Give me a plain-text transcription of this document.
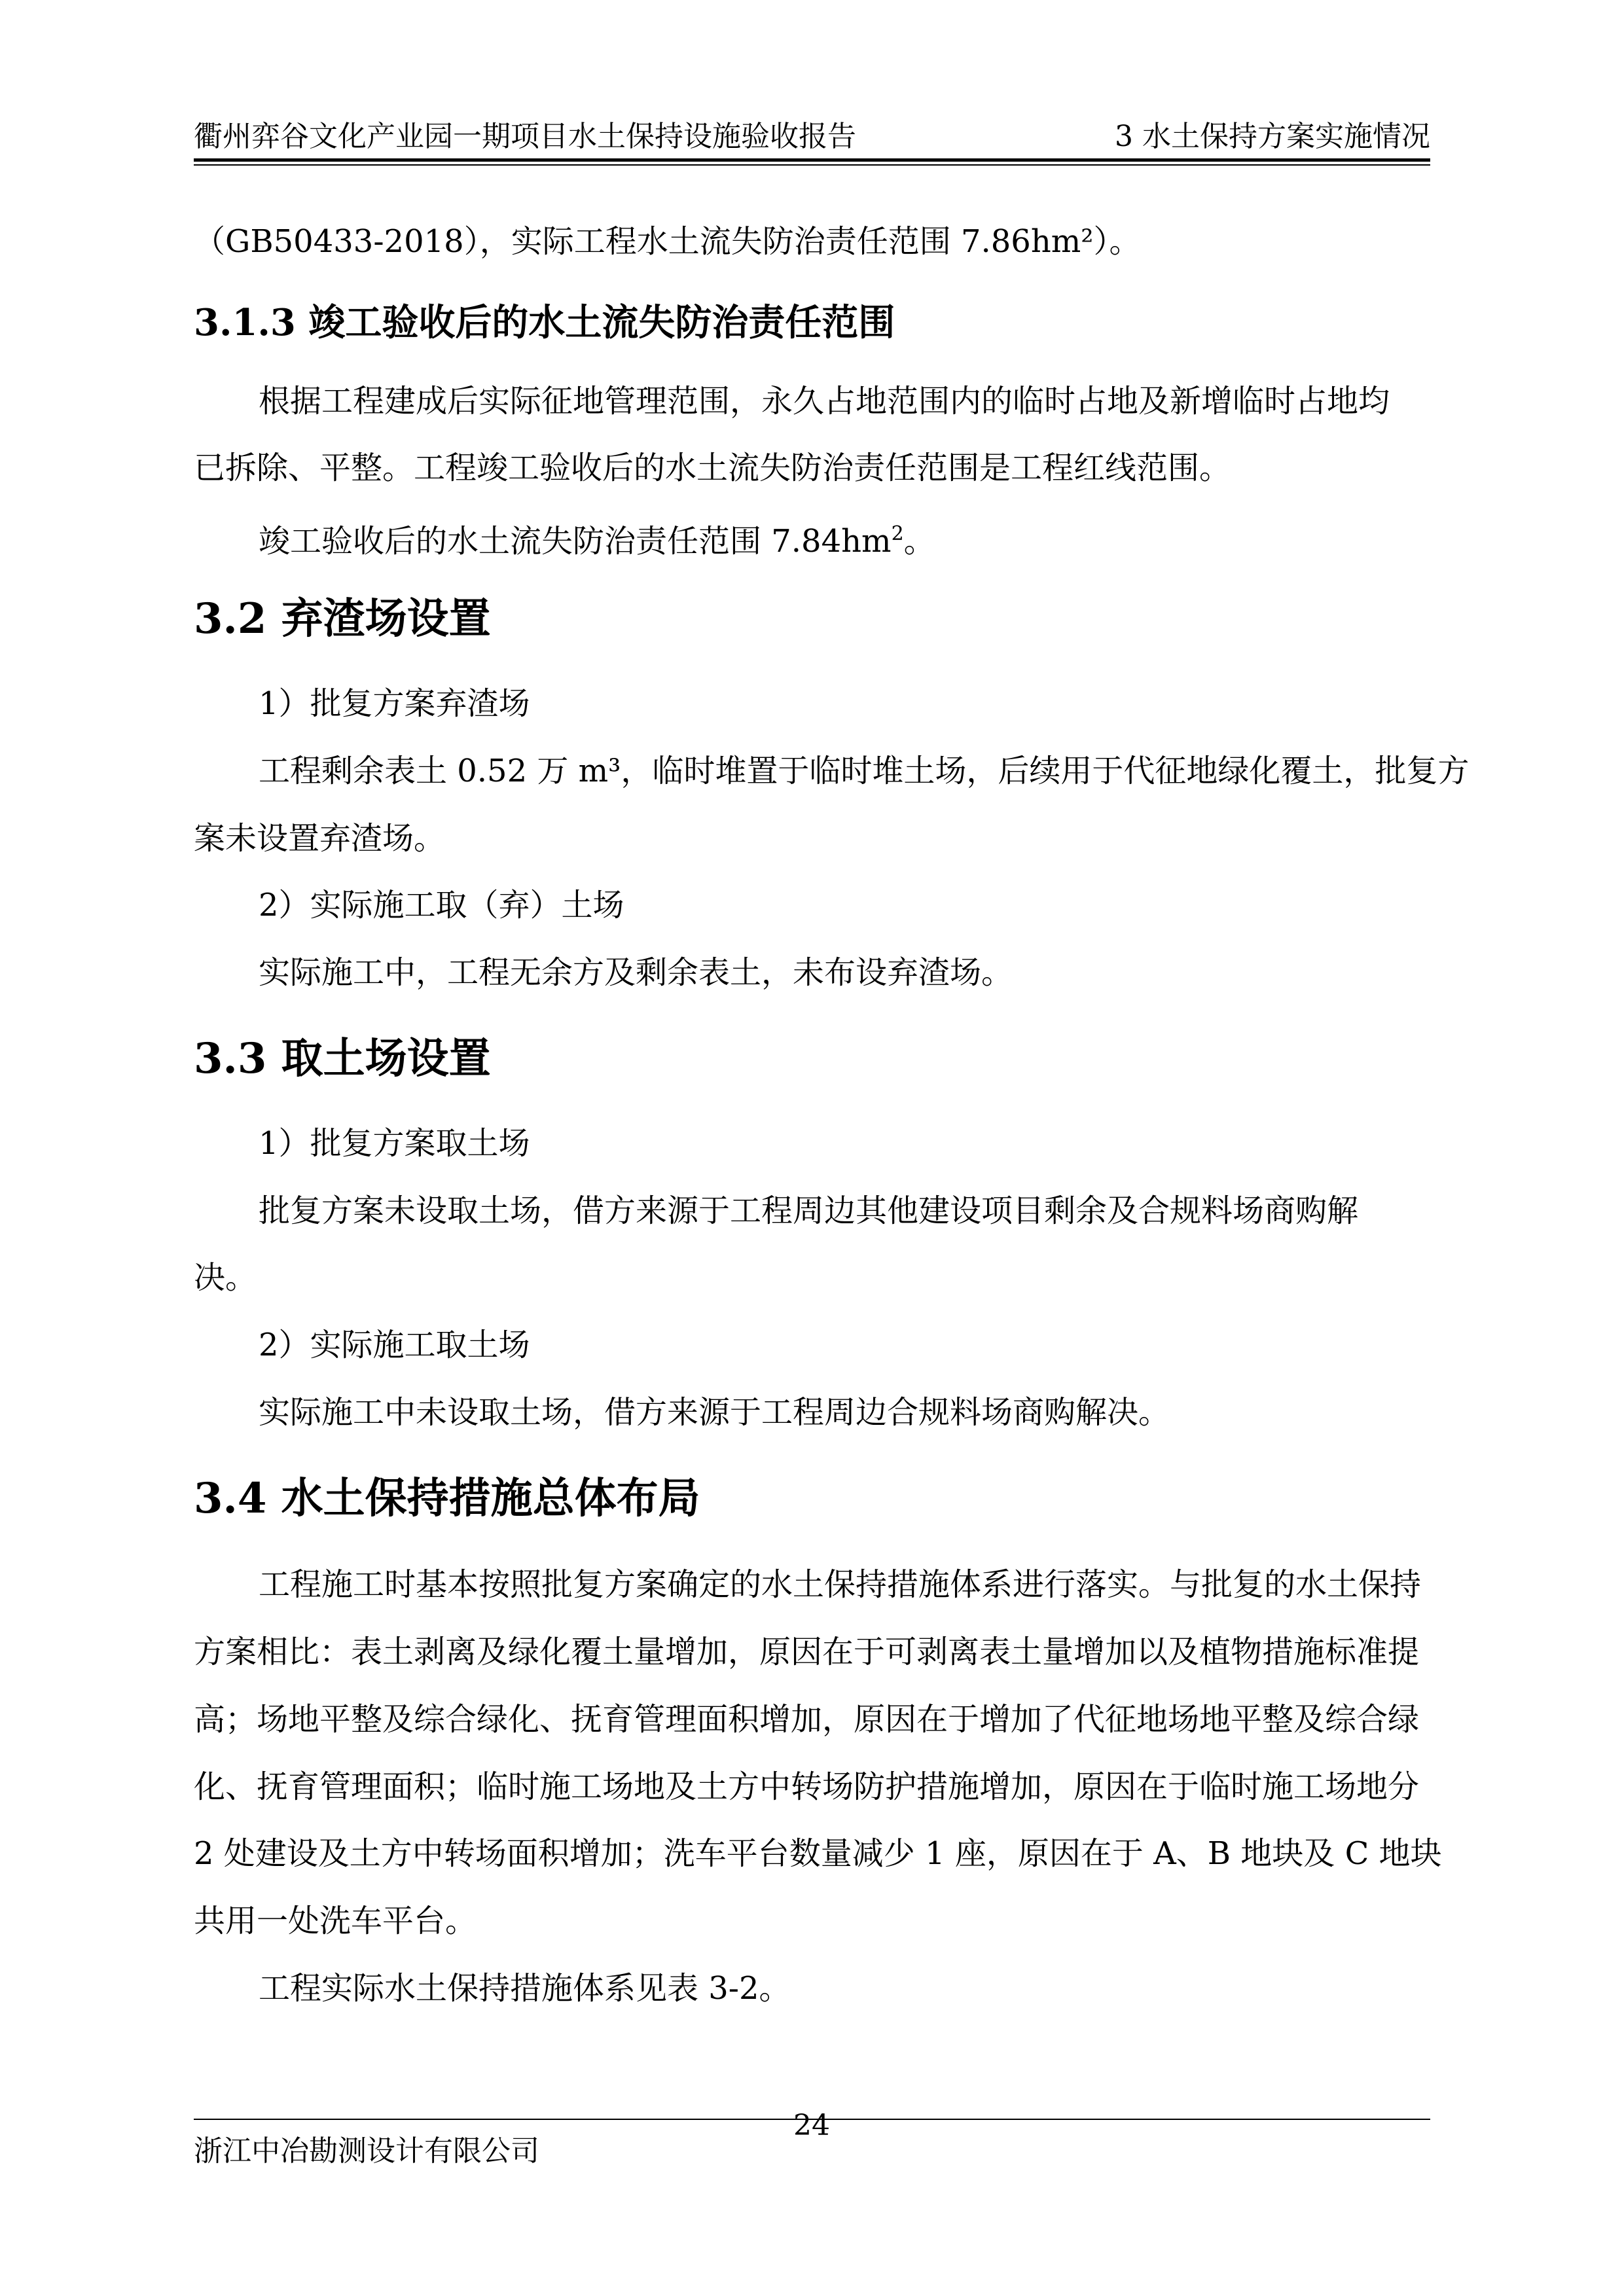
衢州弈谷文化产业园一期项目水土保持设施验收报告	3 水土保持方案实施情况
（GB50433-2018），实际工程水土流失防治责任范围 7.86hm²）。
3.1.3 竣工验收后的水土流失防治责任范围
根据工程建成后实际征地管理范围，永久占地范围内的临时占地及新增临时占地均
已拆除、平整。工程竣工验收后的水土流失防治责任范围是工程红线范围。
竣工验收后的水土流失防治责任范围 $7.84hm^2$。
3.2 弃渣场设置
1）批复方案弃渣场
工程剩余表土 0.52 万 m³，临时堆置于临时堆土场，后续用于代征地绿化覆土，批复方
案未设置弃渣场。
2）实际施工取（弃）土场
实际施工中，工程无余方及剩余表土，未布设弃渣场。
3.3 取土场设置
1）批复方案取土场
批复方案未设取土场，借方来源于工程周边其他建设项目剩余及合规料场商购解
决。
2）实际施工取土场
实际施工中未设取土场，借方来源于工程周边合规料场商购解决。
3.4 水土保持措施总体布局
工程施工时基本按照批复方案确定的水土保持措施体系进行落实。与批复的水土保持
方案相比：表土剥离及绿化覆土量增加，原因在于可剥离表土量增加以及植物措施标准提
高；场地平整及综合绿化、抚育管理面积增加，原因在于增加了代征地场地平整及综合绿
化、抚育管理面积；临时施工场地及土方中转场防护措施增加，原因在于临时施工场地分
2 处建设及土方中转场面积增加；洗车平台数量减少 1 座，原因在于 A、B 地块及 C 地块
共用一处洗车平台。
工程实际水土保持措施体系见表 3-2。
浙江中冶勘测设计有限公司
24
